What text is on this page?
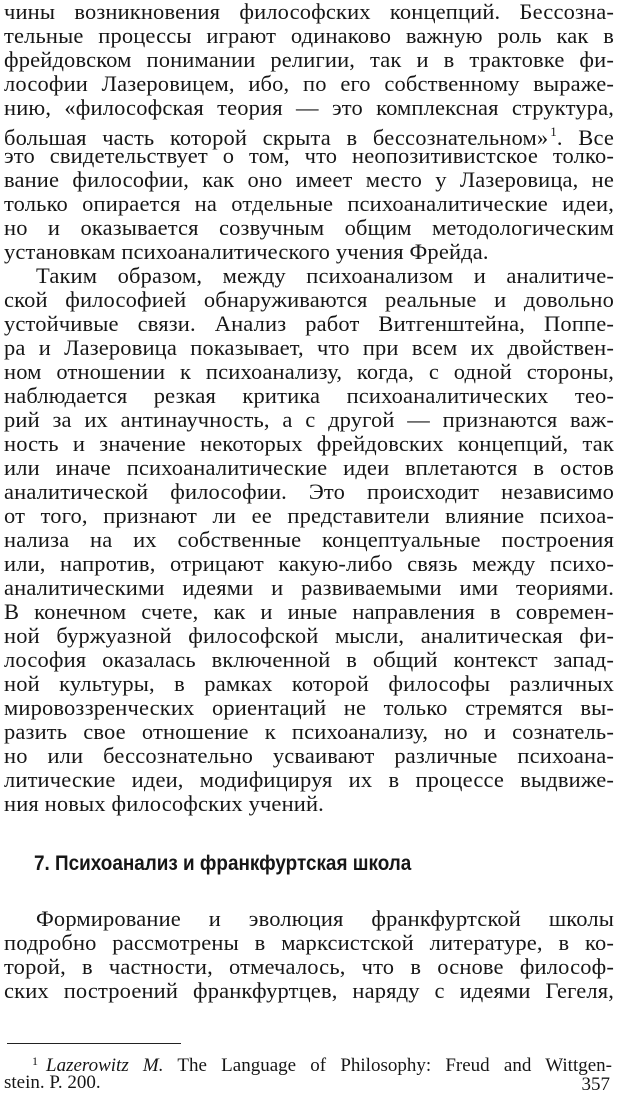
чины возникновения философских концепций. Бессозна-
тельные процессы играют одинаково важную роль как в
фрейдовском понимании религии, так и в трактовке фи-
лософии Лазеровицем, ибо, по его собственному выраже-
нию, «философская теория — это комплексная структура,
большая часть которой скрыта в бессознательном» $^1$. Все
это свидетельствует о том, что неопозитивистское толко-
вание философии, как оно имеет место у Лазеровица, не
только опирается на отдельные психоаналитические идеи,
но и оказывается созвучным общим методологическим
установкам психоаналитического учения Фрейда.
Таким образом, между психоанализом и аналитиче-
ской философией обнаруживаются реальные и довольно
устойчивые связи. Анализ работ Витгенштейна, Поппе-
ра и Лазеровица показывает, что при всем их двойствен-
ном отношении к психоанализу, когда, с одной стороны,
наблюдается резкая критика психоаналитических тео-
рий за их антинаучность, а с другой — признаются важ-
ность и значение некоторых фрейдовских концепций, так
или иначе психоаналитические идеи вплетаются в остов
аналитической философии. Это происходит независимо
от того, признают ли ее представители влияние психоа-
нализа на их собственные концептуальные построения
или, напротив, отрицают какую-либо связь между психо-
аналитическими идеями и развиваемыми ими теориями.
В конечном счете, как и иные направления в современ-
ной буржуазной философской мысли, аналитическая фи-
лософия оказалась включенной в общий контекст запад-
ной культуры, в рамках которой философы различных
мировоззренческих ориентаций не только стремятся вы-
разить свое отношение к психоанализу, но и сознатель-
но или бессознательно усваивают различные психоана-
литические идеи, модифицируя их в процессе выдвиже-
ния новых философских учений.
7. Психоанализ и франкфуртская школа
Формирование и эволюция франкфуртской школы
подробно рассмотрены в марксистской литературе, в ко-
торой, в частности, отмечалось, что в основе философ-
ских построений франкфуртцев, наряду с идеями Гегеля,
$^1$ Lazerowitz M. The Language of Philosophy: Freud and Wittgen-
stein. P. 200.	357
